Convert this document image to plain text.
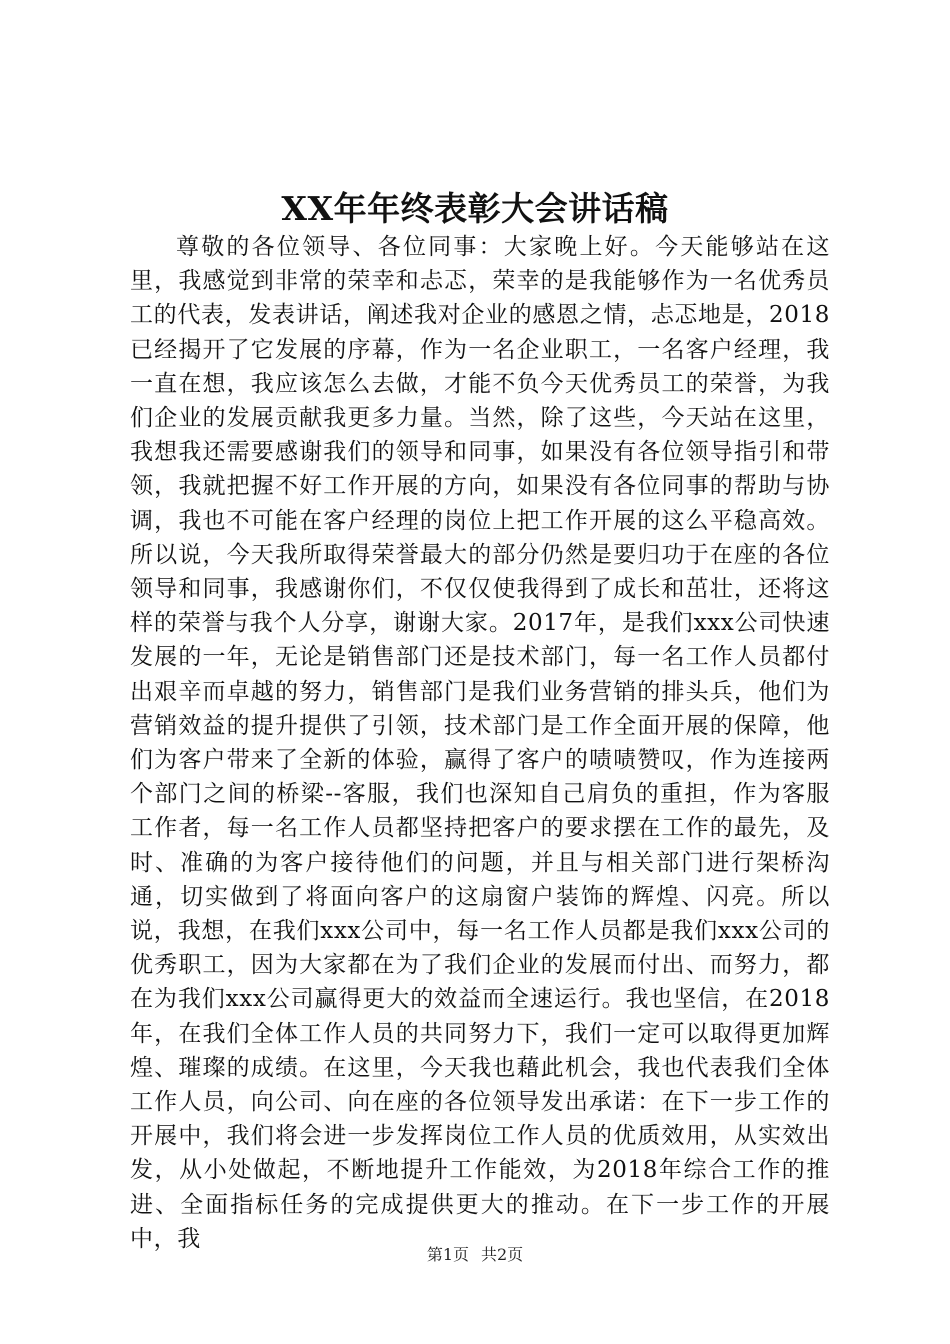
XX年年终表彰大会讲话稿

尊敬的各位领导、各位同事：大家晚上好。今天能够站在这里，我感觉到非常的荣幸和忐忑，荣幸的是我能够作为一名优秀员工的代表，发表讲话，阐述我对企业的感恩之情，忐忑地是，2018已经揭开了它发展的序幕，作为一名企业职工，一名客户经理，我一直在想，我应该怎么去做，才能不负今天优秀员工的荣誉，为我们企业的发展贡献我更多力量。当然，除了这些，今天站在这里，我想我还需要感谢我们的领导和同事，如果没有各位领导指引和带领，我就把握不好工作开展的方向，如果没有各位同事的帮助与协调，我也不可能在客户经理的岗位上把工作开展的这么平稳高效。所以说，今天我所取得荣誉最大的部分仍然是要归功于在座的各位领导和同事，我感谢你们，不仅仅使我得到了成长和茁壮，还将这样的荣誉与我个人分享，谢谢大家。2017年，是我们xxx公司快速发展的一年，无论是销售部门还是技术部门，每一名工作人员都付出艰辛而卓越的努力，销售部门是我们业务营销的排头兵，他们为营销效益的提升提供了引领，技术部门是工作全面开展的保障，他们为客户带来了全新的体验，赢得了客户的啧啧赞叹，作为连接两个部门之间的桥梁--客服，我们也深知自己肩负的重担，作为客服工作者，每一名工作人员都坚持把客户的要求摆在工作的最先，及时、准确的为客户接待他们的问题，并且与相关部门进行架桥沟通，切实做到了将面向客户的这扇窗户装饰的辉煌、闪亮。所以说，我想，在我们xxx公司中，每一名工作人员都是我们xxx公司的优秀职工，因为大家都在为了我们企业的发展而付出、而努力，都在为我们xxx公司赢得更大的效益而全速运行。我也坚信，在2018年，在我们全体工作人员的共同努力下，我们一定可以取得更加辉煌、璀璨的成绩。在这里，今天我也藉此机会，我也代表我们全体工作人员，向公司、向在座的各位领导发出承诺：在下一步工作的开展中，我们将会进一步发挥岗位工作人员的优质效用，从实效出发，从小处做起，不断地提升工作能效，为2018年综合工作的推进、全面指标任务的完成提供更大的推动。在下一步工作的开展中，我

第1页 共2页
